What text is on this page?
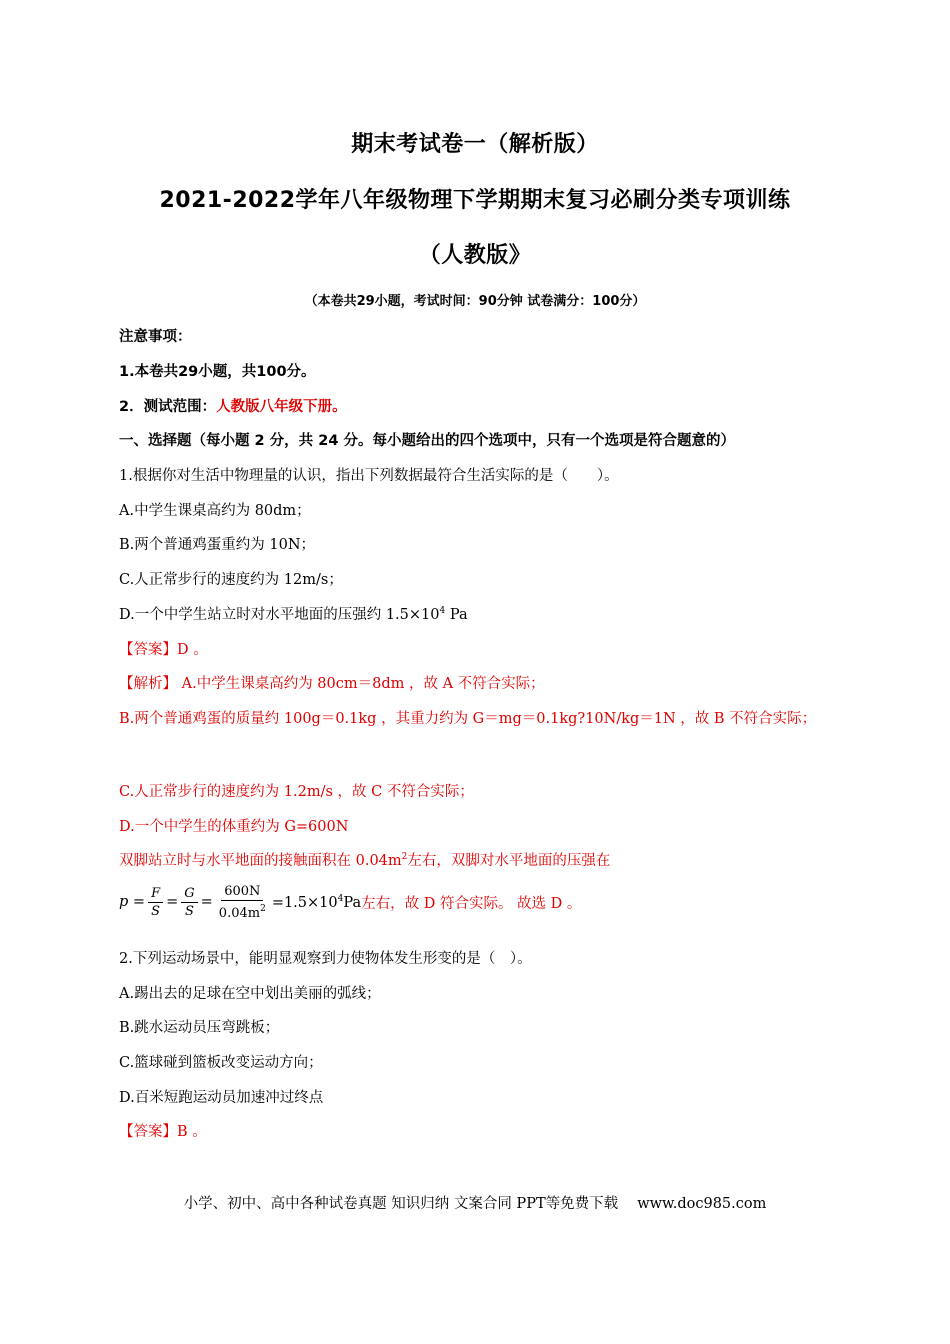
期末考试卷一（解析版）
2021-2022学年八年级物理下学期期末复习必刷分类专项训练
（人教版》
（本卷共29小题，考试时间：90分钟 试卷满分：100分）
注意事项：
1.本卷共29小题，共100分。
2．测试范围：人教版八年级下册。
一、选择题（每小题 2 分，共 24 分。每小题给出的四个选项中，只有一个选项是符合题意的）
1.根据你对生活中物理量的认识，指出下列数据最符合生活实际的是（　　）。
A.中学生课桌高约为 80dm；
B.两个普通鸡蛋重约为 10N；
C.人正常步行的速度约为 12m/s；
D.一个中学生站立时对水平地面的压强约 $1.5\times 10^4$ Pa
【答案】D 。
【解析】 A.中学生课桌高约为 80cm＝8dm ，故 A 不符合实际；
B.两个普通鸡蛋的质量约 100g＝0.1kg ，其重力约为 G＝mg＝0.1kg?10N/kg＝1N ，故 B 不符合实际；
C.人正常步行的速度约为 1.2m/s ，故 C 不符合实际；
D.一个中学生的体重约为 G=600N
双脚站立时与水平地面的接触面积在 $0.04m^2$左右，双脚对水平地面的压强在
$p = \frac{F}{S} = \frac{G}{S} = \frac{600N}{0.04m^2} =1.5\times 10^4Pa$ 左右，故 D 符合实际。 故选 D 。
2.下列运动场景中，能明显观察到力使物体发生形变的是（　）。
A.踢出去的足球在空中划出美丽的弧线；
B.跳水运动员压弯跳板；
C.篮球碰到篮板改变运动方向；
D.百米短跑运动员加速冲过终点
【答案】B 。
小学、初中、高中各种试卷真题 知识归纳 文案合同 PPT等免费下载　 www.doc985.com
